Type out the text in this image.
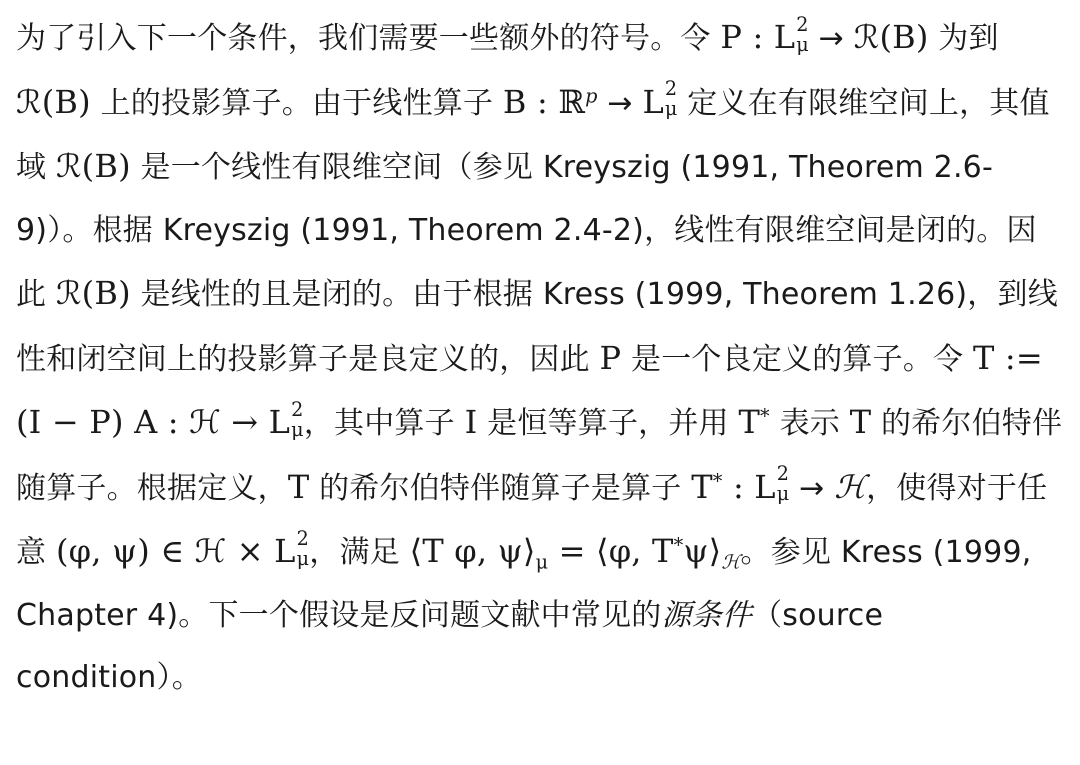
为了引入下一个条件，我们需要一些额外的符号。令 P : L 2
μ → ℛ(B) 为到 ℛ(B) 上的投影算子。由于线性算子 B : ℝ$^p$ → L 2
μ 定义在有限维空间上，其值域 ℛ(B) 是一个线性有限维空间（参见 Kreyszig (1991, Theorem 2.6-9)）。根据 Kreyszig (1991, Theorem 2.4-2)，线性有限维空间是闭的。因此 ℛ(B) 是线性的且是闭的。由于根据 Kress (1999, Theorem 1.26)，到线性和闭空间上的投影算子是良定义的，因此 P 是一个良定义的算子。令 T := (I − P) A : ℋ → L 2
μ ，其中算子 I 是恒等算子，并用 T* 表示 T 的希尔伯特伴随算子。根据定义，T 的希尔伯特伴随算子是算子 T* : L 2
μ → ℋ，使得对于任意 (φ, ψ) ∈ ℋ × L 2
μ ，满足 ⟨T φ, $\psi⟩_\mu$ = ⟨φ, $T^*\psi⟩_ℋ$。参见 Kress (1999, Chapter 4)。下一个假设是反问题文献中常见的源条件（source condition）。
